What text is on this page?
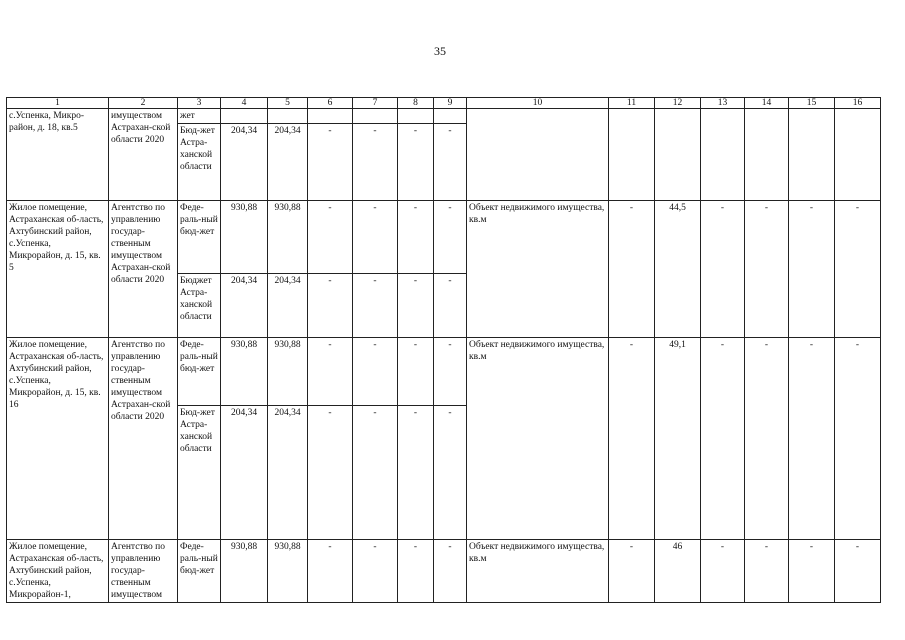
35
1	2	3	4	5	6	7	8	9	10	11	12	13	14	15	16
с.Успенка, Микро-район, д. 18, кв.5	имуществом Астрахан-ской области 2020	жет													
		Бюд-жет Астра-ханской области	204,34	204,34	-	-	-	-							
Жилое помещение, Астраханская об-ласть, Ахтубинский район, с.Успенка, Микрорайон, д. 15, кв. 5	Агентство по управлению государ-ственным имуществом Астрахан-ской области 2020	Феде-раль-ный бюд-жет	930,88	930,88	-	-	-	-	Объект недвижимого имущества, кв.м	-	44,5	-	-	-	-
		Бюджет Астра-ханской области	204,34	204,34	-	-	-	-							
Жилое помещение, Астраханская об-ласть, Ахтубинский район, с.Успенка, Микрорайон, д. 15, кв. 16	Агентство по управлению государ-ственным имуществом Астрахан-ской области 2020	Феде-раль-ный бюд-жет	930,88	930,88	-	-	-	-	Объект недвижимого имущества, кв.м	-	49,1	-	-	-	-
		Бюд-жет Астра-ханской области	204,34	204,34	-	-	-	-							
Жилое помещение, Астраханская об-ласть, Ахтубинский район, с.Успенка, Микрорайон-1,	Агентство по управлению государ-ственным имуществом	Феде-раль-ный бюд-жет	930,88	930,88	-	-	-	-	Объект недвижимого имущества, кв.м	-	46	-	-	-	-
